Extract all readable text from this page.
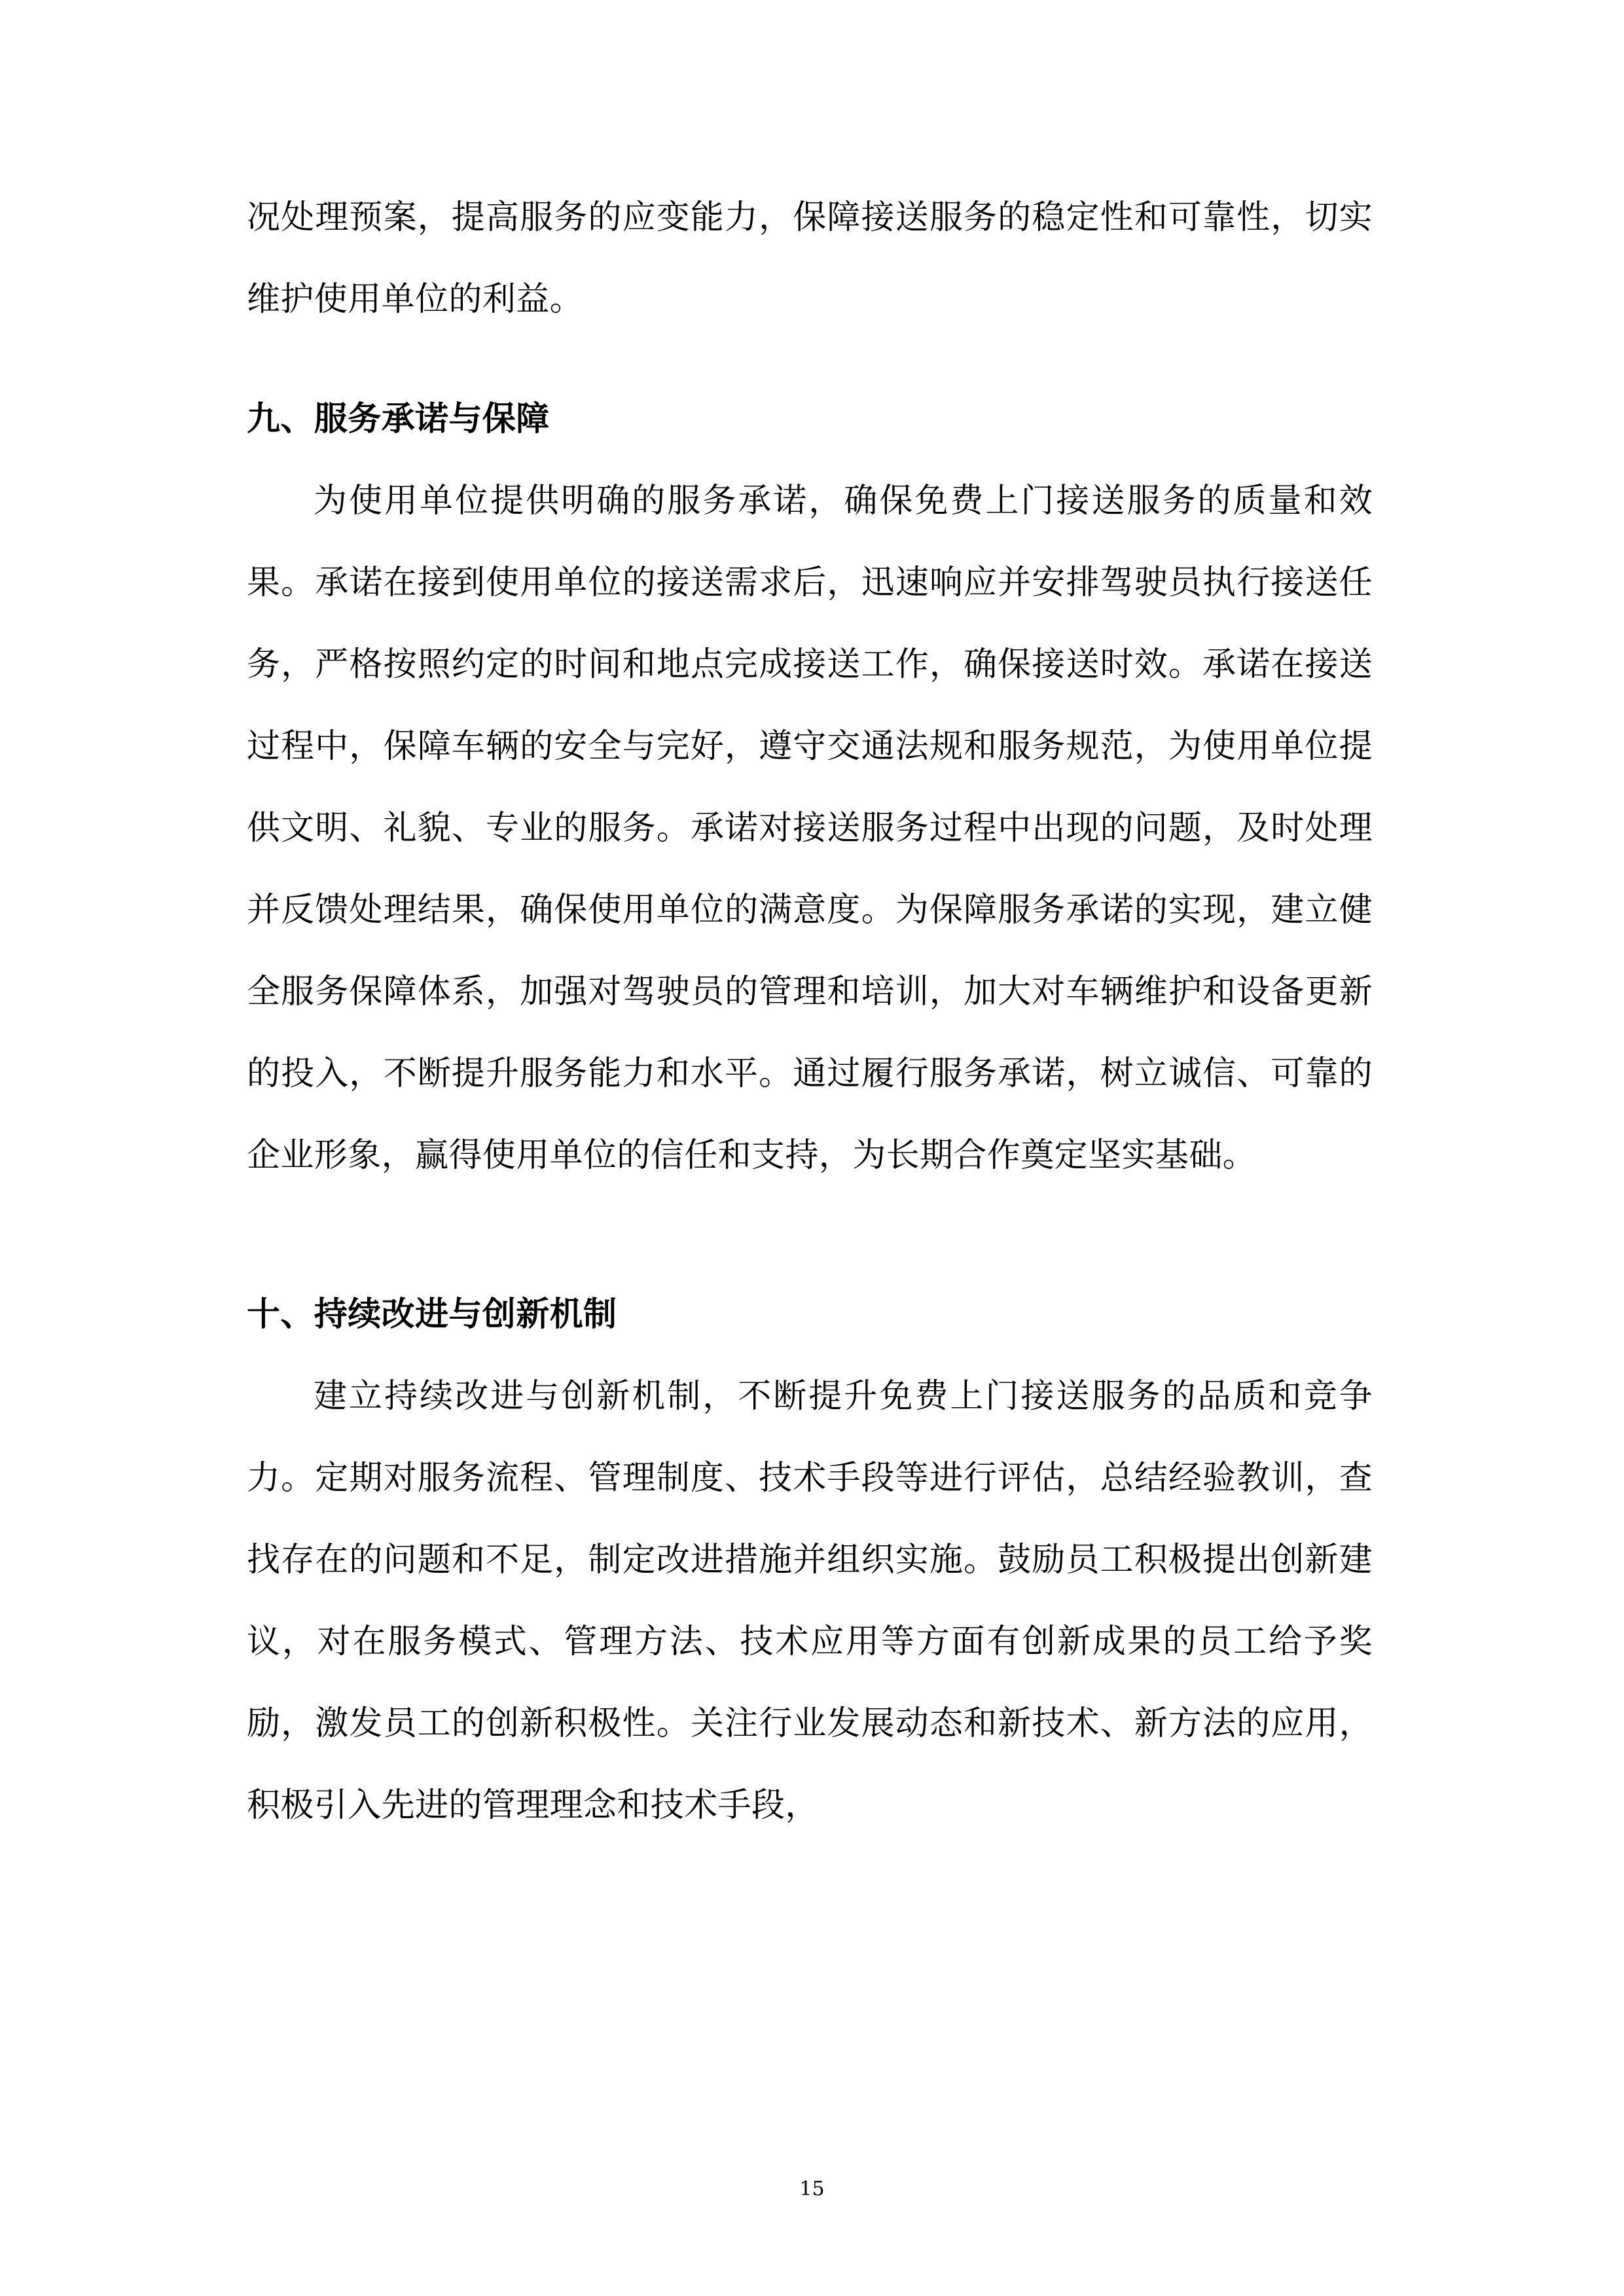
况处理预案，提高服务的应变能力，保障接送服务的稳定性和可靠性，切实维护使用单位的利益。

九、服务承诺与保障

为使用单位提供明确的服务承诺，确保免费上门接送服务的质量和效果。承诺在接到使用单位的接送需求后，迅速响应并安排驾驶员执行接送任务，严格按照约定的时间和地点完成接送工作，确保接送时效。承诺在接送过程中，保障车辆的安全与完好，遵守交通法规和服务规范，为使用单位提供文明、礼貌、专业的服务。承诺对接送服务过程中出现的问题，及时处理并反馈处理结果，确保使用单位的满意度。为保障服务承诺的实现，建立健全服务保障体系，加强对驾驶员的管理和培训，加大对车辆维护和设备更新的投入，不断提升服务能力和水平。通过履行服务承诺，树立诚信、可靠的企业形象，赢得使用单位的信任和支持，为长期合作奠定坚实基础。

十、持续改进与创新机制

建立持续改进与创新机制，不断提升免费上门接送服务的品质和竞争力。定期对服务流程、管理制度、技术手段等进行评估，总结经验教训，查找存在的问题和不足，制定改进措施并组织实施。鼓励员工积极提出创新建议，对在服务模式、管理方法、技术应用等方面有创新成果的员工给予奖励，激发员工的创新积极性。关注行业发展动态和新技术、新方法的应用，积极引入先进的管理理念和技术手段，

15
